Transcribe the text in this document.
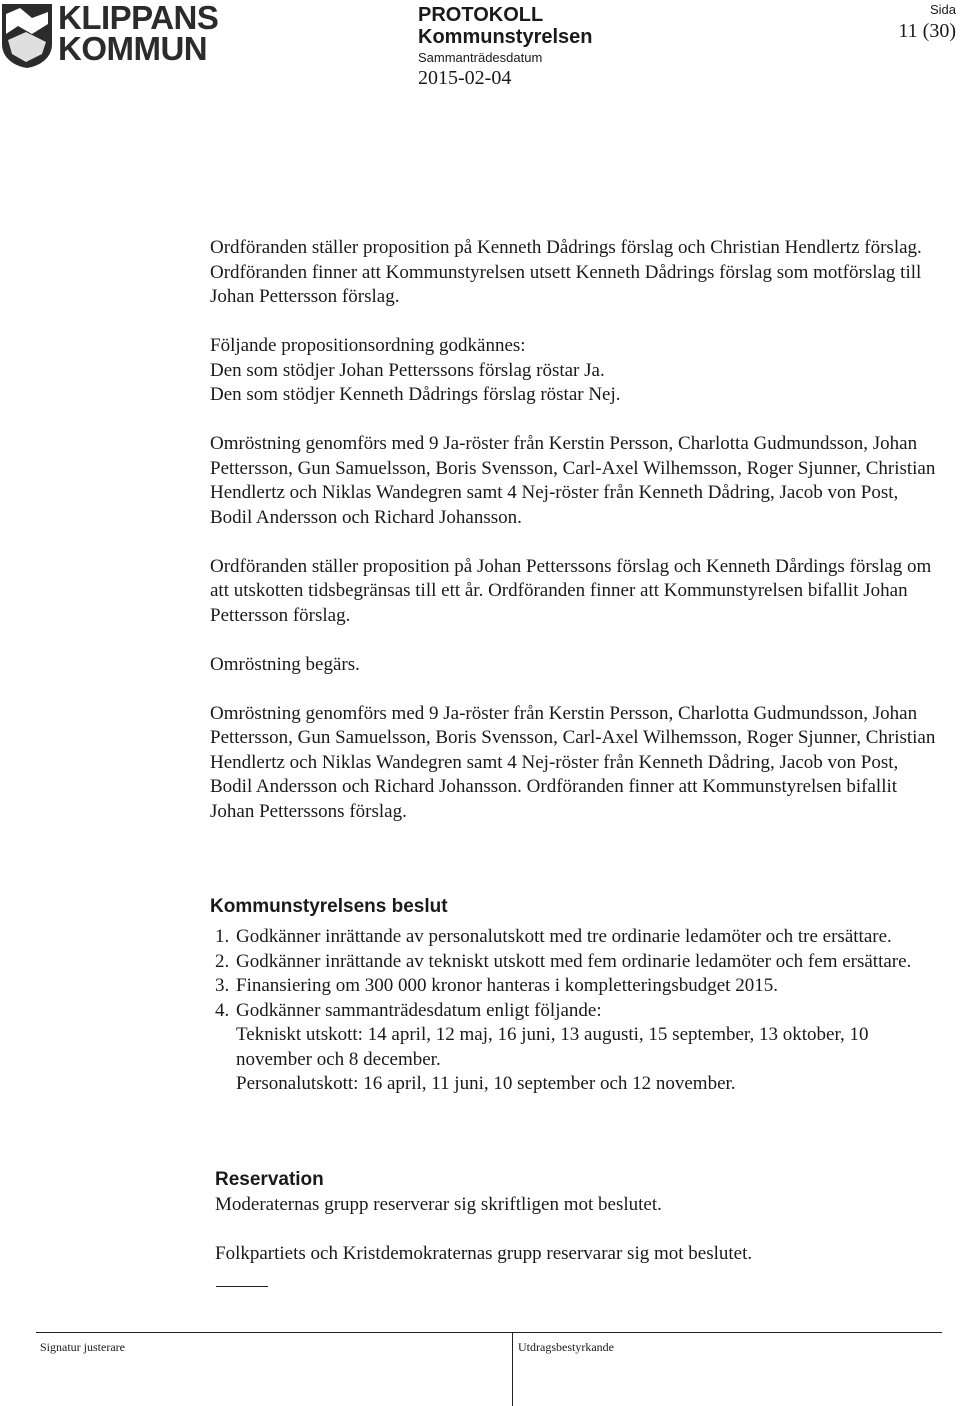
KLIPPANS
KOMMUN
PROTOKOLL
Kommunstyrelsen
Sammanträdesdatum
2015-02-04
Sida
11 (30)

Ordföranden ställer proposition på Kenneth Dådrings förslag och Christian Hendlertz förslag. Ordföranden finner att Kommunstyrelsen utsett Kenneth Dådrings förslag som motförslag till Johan Pettersson förslag.

Följande propositionsordning godkännes:
Den som stödjer Johan Petterssons förslag röstar Ja.
Den som stödjer Kenneth Dådrings förslag röstar Nej.

Omröstning genomförs med 9 Ja-röster från Kerstin Persson, Charlotta Gudmundsson, Johan Pettersson, Gun Samuelsson, Boris Svensson, Carl-Axel Wilhemsson, Roger Sjunner, Christian Hendlertz och Niklas Wandegren samt 4 Nej-röster från Kenneth Dådring, Jacob von Post, Bodil Andersson och Richard Johansson.

Ordföranden ställer proposition på Johan Petterssons förslag och Kenneth Dårdings förslag om att utskotten tidsbegränsas till ett år. Ordföranden finner att Kommunstyrelsen bifallit Johan Pettersson förslag.

Omröstning begärs.

Omröstning genomförs med 9 Ja-röster från Kerstin Persson, Charlotta Gudmundsson, Johan Pettersson, Gun Samuelsson, Boris Svensson, Carl-Axel Wilhemsson, Roger Sjunner, Christian Hendlertz och Niklas Wandegren samt 4 Nej-röster från Kenneth Dådring, Jacob von Post, Bodil Andersson och Richard Johansson. Ordföranden finner att Kommunstyrelsen bifallit Johan Petterssons förslag.

Kommunstyrelsens beslut
1. Godkänner inrättande av personalutskott med tre ordinarie ledamöter och tre ersättare.
2. Godkänner inrättande av tekniskt utskott med fem ordinarie ledamöter och fem ersättare.
3. Finansiering om 300 000 kronor hanteras i kompletteringsbudget 2015.
4. Godkänner sammanträdesdatum enligt följande:
Tekniskt utskott: 14 april, 12 maj, 16 juni, 13 augusti, 15 september, 13 oktober, 10 november och 8 december.
Personalutskott: 16 april, 11 juni, 10 september och 12 november.
Reservation
Moderaternas grupp reserverar sig skriftligen mot beslutet.
Folkpartiets och Kristdemokraternas grupp reservarar sig mot beslutet.
Signatur justerare	Utdragsbestyrkande
